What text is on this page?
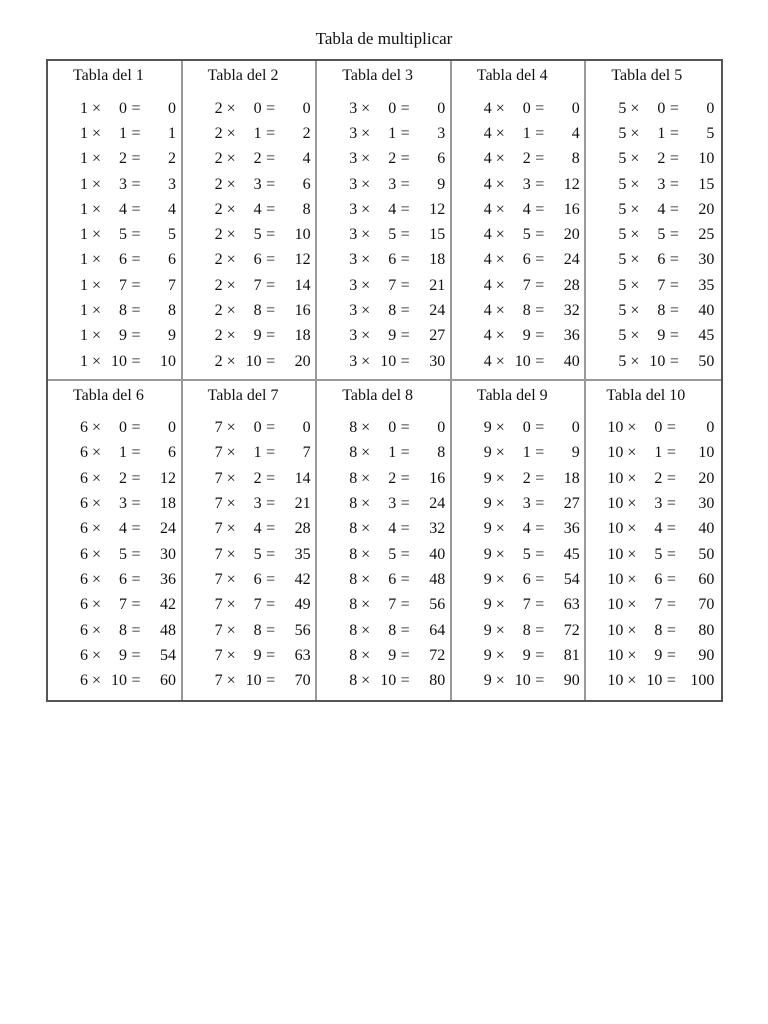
Tabla de multiplicar
Tabla del 1
1 ×	0 =	0
1 ×	1 =	1
1 ×	2 =	2
1 ×	3 =	3
1 ×	4 =	4
1 ×	5 =	5
1 ×	6 =	6
1 ×	7 =	7
1 ×	8 =	8
1 ×	9 =	9
1 × 10 =	10
Tabla del 2
2 ×	0 =	0
2 ×	1 =	2
2 ×	2 =	4
2 ×	3 =	6
2 ×	4 =	8
2 ×	5 =	10
2 ×	6 =	12
2 ×	7 =	14
2 ×	8 =	16
2 ×	9 =	18
2 × 10 =	20
Tabla del 3
3 ×	0 =	0
3 ×	1 =	3
3 ×	2 =	6
3 ×	3 =	9
3 ×	4 =	12
3 ×	5 =	15
3 ×	6 =	18
3 ×	7 =	21
3 ×	8 =	24
3 ×	9 =	27
3 × 10 =	30
Tabla del 4
4 ×	0 =	0
4 ×	1 =	4
4 ×	2 =	8
4 ×	3 =	12
4 ×	4 =	16
4 ×	5 =	20
4 ×	6 =	24
4 ×	7 =	28
4 ×	8 =	32
4 ×	9 =	36
4 × 10 =	40
Tabla del 5
5 ×	0 =	0
5 ×	1 =	5
5 ×	2 =	10
5 ×	3 =	15
5 ×	4 =	20
5 ×	5 =	25
5 ×	6 =	30
5 ×	7 =	35
5 ×	8 =	40
5 ×	9 =	45
5 × 10 =	50
Tabla del 6
6 ×	0 =	0
6 ×	1 =	6
6 ×	2 =	12
6 ×	3 =	18
6 ×	4 =	24
6 ×	5 =	30
6 ×	6 =	36
6 ×	7 =	42
6 ×	8 =	48
6 ×	9 =	54
6 × 10 =	60
Tabla del 7
7 ×	0 =	0
7 ×	1 =	7
7 ×	2 =	14
7 ×	3 =	21
7 ×	4 =	28
7 ×	5 =	35
7 ×	6 =	42
7 ×	7 =	49
7 ×	8 =	56
7 ×	9 =	63
7 × 10 =	70
Tabla del 8
8 ×	0 =	0
8 ×	1 =	8
8 ×	2 =	16
8 ×	3 =	24
8 ×	4 =	32
8 ×	5 =	40
8 ×	6 =	48
8 ×	7 =	56
8 ×	8 =	64
8 ×	9 =	72
8 × 10 =	80
Tabla del 9
9 ×	0 =	0
9 ×	1 =	9
9 ×	2 =	18
9 ×	3 =	27
9 ×	4 =	36
9 ×	5 =	45
9 ×	6 =	54
9 ×	7 =	63
9 ×	8 =	72
9 ×	9 =	81
9 × 10 =	90
Tabla del 10
10 ×	0 =	0
10 ×	1 =	10
10 ×	2 =	20
10 ×	3 =	30
10 ×	4 =	40
10 ×	5 =	50
10 ×	6 =	60
10 ×	7 =	70
10 ×	8 =	80
10 ×	9 =	90
10 × 10 = 100
